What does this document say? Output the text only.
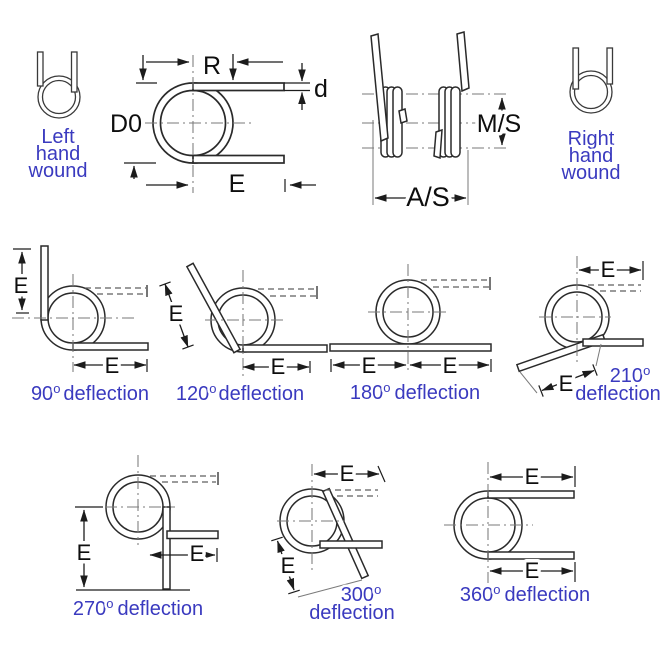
Left
hand
wound
Right
hand
wound
R
d
D0
E
M/S
A/S
E
E
90$^o$ deflection
E
E
120$^o$ deflection
E	E
180$^o$ deflection
E
E 210$^o$
deflection
E	E
270$^o$ deflection
E
E
300$^o$
deflection
E
E
360$^o$ deflection
